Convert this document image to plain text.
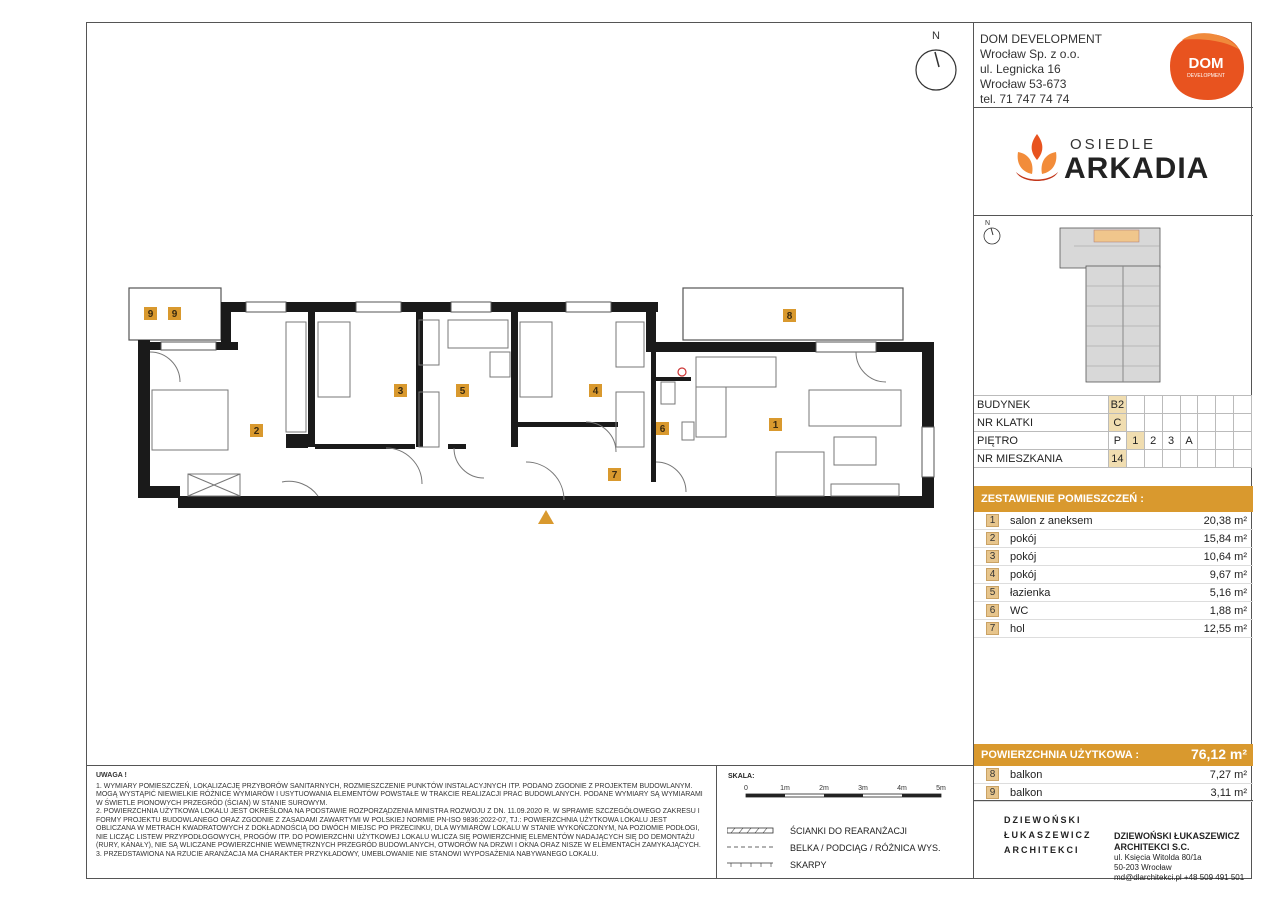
N
1
2
3	4
5
6
7
8
9 9
DOM DEVELOPMENT
Wrocław Sp. z o.o.
ul. Legnicka 16
Wrocław 53-673
tel. 71 747 74 74
DOM
DEVELOPMENT
OSIEDLE
ARKADIA
N
BUDYNEK	B2							
NR KLATKI	C							
PIĘTRO	P	1	2	3	A			
NR MIESZKANIA	14							
ZESTAWIENIE POMIESZCZEŃ :
1	salon z aneksem	20,38 m²
2	pokój	15,84 m²
3	pokój	10,64 m²
4	pokój	9,67 m²
5	łazienka	5,16 m²
6	WC	1,88 m²
7	hol	12,55 m²
POWIERZCHNIA UŻYTKOWA :	76,12 m²
8	balkon	7,27 m²
9	balkon	3,11 m²
DZIEWOŃSKI
ŁUKASZEWICZ
ARCHITEKCI
DZIEWOŃSKI ŁUKASZEWICZ
ARCHITEKCI S.C.
ul. Księcia Witolda 80/1a
50-203 Wrocław
md@dlarchitekci.pl +48 509 491 501
UWAGA !
1. WYMIARY POMIESZCZEŃ, LOKALIZACJĘ PRZYBORÓW SANITARNYCH, ROZMIESZCZENIE PUNKTÓW INSTALACYJNYCH ITP. PODANO ZGODNIE Z PROJEKTEM BUDOWLANYM. MOGĄ WYSTĄPIĆ NIEWIELKIE RÓŻNICE WYMIARÓW I USYTUOWANIA ELEMENTÓW POWSTAŁE W TRAKCIE REALIZACJI PRAC BUDOWLANYCH. PODANE WYMIARY SĄ WYMIARAMI W ŚWIETLE PIONOWYCH PRZEGRÓD (ŚCIAN) W STANIE SUROWYM.
2. POWIERZCHNIA UŻYTKOWA LOKALU JEST OKREŚLONA NA PODSTAWIE ROZPORZĄDZENIA MINISTRA ROZWOJU Z DN. 11.09.2020 R. W SPRAWIE SZCZEGÓŁOWEGO ZAKRESU I FORMY PROJEKTU BUDOWLANEGO ORAZ ZGODNIE Z ZASADAMI ZAWARTYMI W POLSKIEJ NORMIE PN-ISO 9836:2022-07, TJ.: POWIERZCHNIA UŻYTKOWA LOKALU JEST OBLICZANA W METRACH KWADRATOWYCH Z DOKŁADNOŚCIĄ DO DWÓCH MIEJSC PO PRZECINKU, DLA WYMIARÓW LOKALU W STANIE WYKOŃCZONYM, NA POZIOMIE PODŁOGI, NIE LICZĄC LISTEW PRZYPODŁOGOWYCH, PROGÓW ITP. DO POWIERZCHNI UŻYTKOWEJ LOKALU WLICZA SIĘ POWIERZCHNIĘ ELEMENTÓW NADAJĄCYCH SIĘ DO DEMONTAŻU (RURY, KANAŁY), NIE SĄ WLICZANE POWIERZCHNIE WEWNĘTRZNYCH PRZEGRÓD BUDOWLANYCH, OTWORÓW NA DRZWI I OKNA ORAZ NISZE W ELEMENTACH ZAMYKAJĄCYCH.
3. PRZEDSTAWIONA NA RZUCIE ARANŻACJA MA CHARAKTER PRZYKŁADOWY, UMEBLOWANIE NIE STANOWI WYPOSAŻENIA NABYWANEGO LOKALU.
SKALA:
0	1m	2m	3m	4m	5m
ŚCIANKI DO REARANŻACJI
BELKA / PODCIĄG / RÓŻNICA WYS.
SKARPY
